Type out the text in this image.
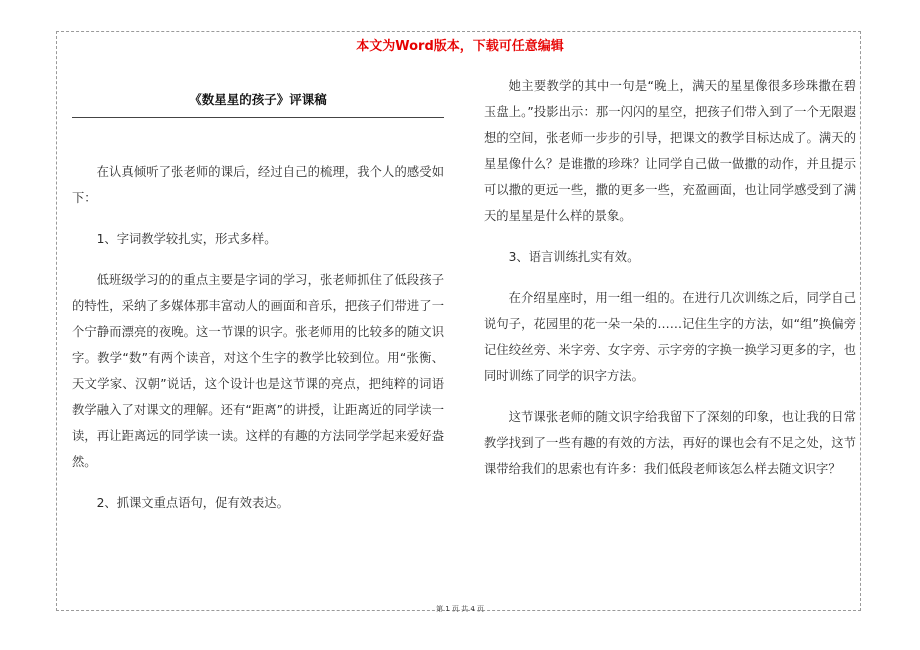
本文为Word版本，下载可任意编辑
《数星星的孩子》评课稿

在认真倾听了张老师的课后，经过自己的梳理，我个人的感受如下：

1、字词教学较扎实，形式多样。

低班级学习的的重点主要是字词的学习，张老师抓住了低段孩子的特性，采纳了多媒体那丰富动人的画面和音乐，把孩子们带进了一个宁静而漂亮的夜晚。这一节课的识字。张老师用的比较多的随文识字。教学“数”有两个读音，对这个生字的教学比较到位。用“张衡、天文学家、汉朝”说话，这个设计也是这节课的亮点，把纯粹的词语教学融入了对课文的理解。还有“距离”的讲授，让距离近的同学读一读，再让距离远的同学读一读。这样的有趣的方法同学学起来爱好盎然。

2、抓课文重点语句，促有效表达。

她主要教学的其中一句是“晚上，满天的星星像很多珍珠撒在碧玉盘上。”投影出示：那一闪闪的星空，把孩子们带入到了一个无限遐想的空间，张老师一步步的引导，把课文的教学目标达成了。满天的星星像什么？是谁撒的珍珠？让同学自己做一做撒的动作，并且提示可以撒的更远一些，撒的更多一些，充盈画面，也让同学感受到了满天的星星是什么样的景象。

3、语言训练扎实有效。

在介绍星座时，用一组一组的。在进行几次训练之后，同学自己说句子，花园里的花一朵一朵的……记住生字的方法，如“组”换偏旁记住绞丝旁、米字旁、女字旁、示字旁的字换一换学习更多的字，也同时训练了同学的识字方法。

这节课张老师的随文识字给我留下了深刻的印象，也让我的日常教学找到了一些有趣的有效的方法，再好的课也会有不足之处，这节课带给我们的思索也有许多：我们低段老师该怎么样去随文识字？

第 1 页 共 4 页
